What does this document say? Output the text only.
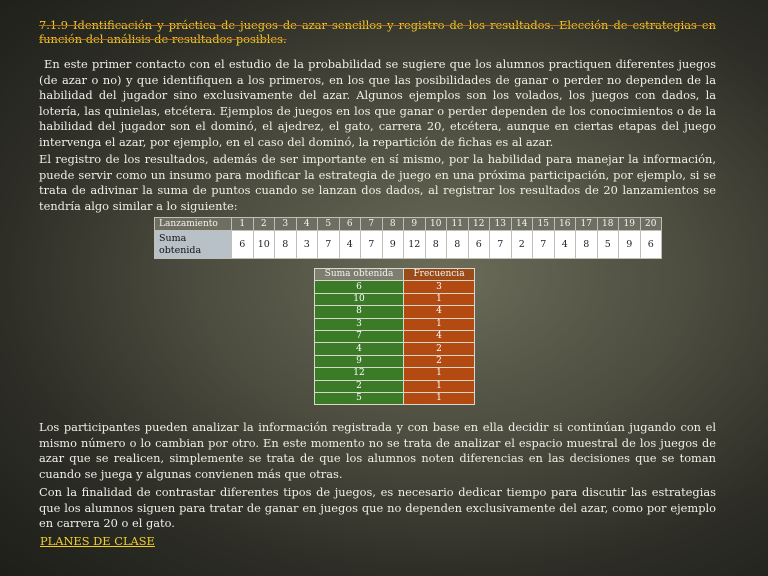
7.1.9 Identificación y práctica de juegos de azar sencillos y registro de los resultados. Elección de estrategias en función del análisis de resultados posibles.

En este primer contacto con el estudio de la probabilidad se sugiere que los alumnos practiquen diferentes juegos (de azar o no) y que identifiquen a los primeros, en los que las posibilidades de ganar o perder no dependen de la habilidad del jugador sino exclusivamente del azar. Algunos ejemplos son los volados, los juegos con dados, la lotería, las quinielas, etcétera. Ejemplos de juegos en los que ganar o perder dependen de los conocimientos o de la habilidad del jugador son el dominó, el ajedrez, el gato, carrera 20, etcétera, aunque en ciertas etapas del juego intervenga el azar, por ejemplo, en el caso del dominó, la repartición de fichas es al azar.

El registro de los resultados, además de ser importante en sí mismo, por la habilidad para manejar la información, puede servir como un insumo para modificar la estrategia de juego en una próxima participación, por ejemplo, si se trata de adivinar la suma de puntos cuando se lanzan dos dados, al registrar los resultados de 20 lanzamientos se tendría algo similar a lo siguiente:

Lanzamiento	1	2	3	4	5	6	7	8	9	10	11	12	13	14	15	16	17	18	19	20
Suma obtenida	6	10	8	3	7	4	7	9	12	8	8	6	7	2	7	4	8	5	9	6
Suma obtenida	Frecuencia
6	3
10	1
8	4
3	1
7	4
4	2
9	2
12	1
2	1
5	1

Los participantes pueden analizar la información registrada y con base en ella decidir si continúan jugando con el mismo número o lo cambian por otro. En este momento no se trata de analizar el espacio muestral de los juegos de azar que se realicen, simplemente se trata de que los alumnos noten diferencias en las decisiones que se toman cuando se juega y algunas convienen más que otras.

Con la finalidad de contrastar diferentes tipos de juegos, es necesario dedicar tiempo para discutir las estrategias que los alumnos siguen para tratar de ganar en juegos que no dependen exclusivamente del azar, como por ejemplo en carrera 20 o el gato.

PLANES DE CLASE
